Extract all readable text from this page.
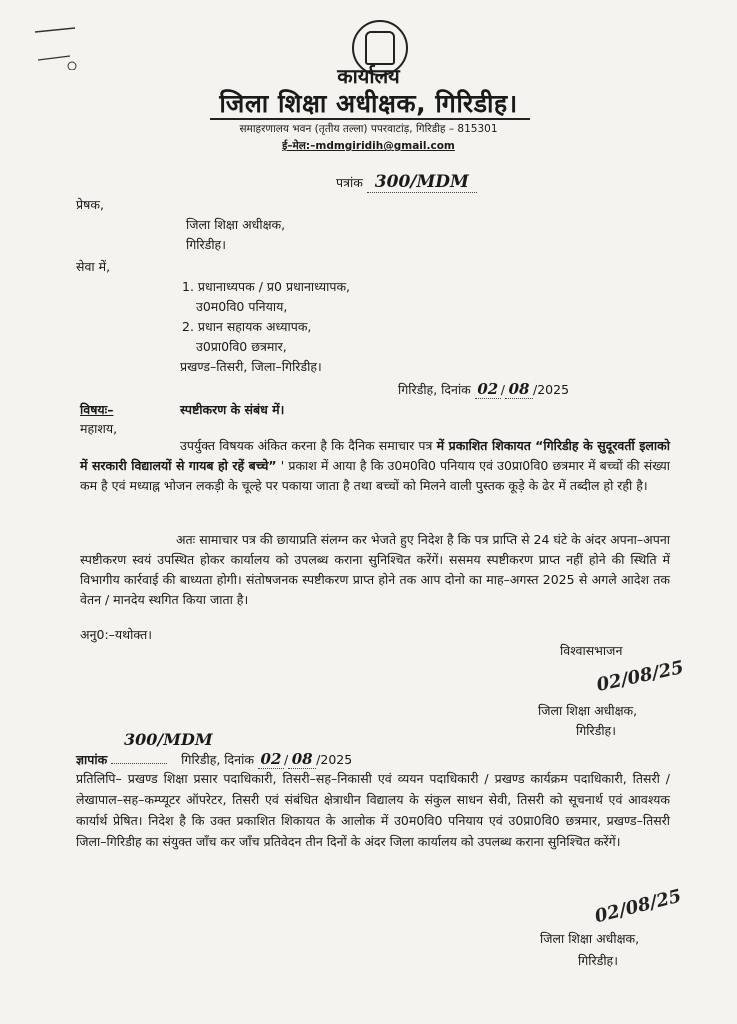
कार्यालय
जिला शिक्षा अधीक्षक, गिरिडीह।
समाहरणालय भवन (तृतीय तल्ला) पपरवाटांड़, गिरिडीह – 815301
ई–मेल:–mdmgiridih@gmail.com
पत्रांक 300/MDM
प्रेषक,
जिला शिक्षा अधीक्षक,
गिरिडीह।
सेवा में,
1. प्रधानाध्यपक / प्र0 प्रधानाध्यापक,
उ0म0वि0 पनियाय,
2. प्रधान सहायक अध्यापक,
उ0प्रा0वि0 छत्रमार,
प्रखण्ड–तिसरी, जिला–गिरिडीह।
गिरिडीह, दिनांक 02 / 08 /2025
विषयः–	स्पष्टीकरण के संबंध में।
महाशय,
उपर्युक्त विषयक अंकित करना है कि दैनिक समाचार पत्र में प्रकाशित शिकायत “गिरिडीह के सुदूरवर्ती इलाको में सरकारी विद्यालयों से गायब हो रहें बच्चे” ' प्रकाश में आया है कि उ0म0वि0 पनियाय एवं उ0प्रा0वि0 छत्रमार में बच्चों की संख्या कम है एवं मध्याह्न भोजन लकड़ी के चूल्हे पर पकाया जाता है तथा बच्चों को मिलने वाली पुस्तक कूड़े के ढेर में तब्दील हो रही है।
अतः सामाचार पत्र की छायाप्रति संलग्न कर भेजते हुए निदेश है कि पत्र प्राप्ति से 24 घंटे के अंदर अपना–अपना स्पष्टीकरण स्वयं उपस्थित होकर कार्यालय को उपलब्ध कराना सुनिश्चित करेंगें। ससमय स्पष्टीकरण प्राप्त नहीं होने की स्थिति में विभागीय कार्रवाई की बाध्यता होगी। संतोषजनक स्पष्टीकरण प्राप्त होने तक आप दोनो का माह–अगस्त 2025 से अगले आदेश तक वेतन / मानदेय स्थगित किया जाता है।
अनु0:–यथोक्त।
विश्वासभाजन
02/08/25
जिला शिक्षा अधीक्षक,
गिरिडीह।
300/MDM
ज्ञापांक	गिरिडीह, दिनांक 02 / 08 /2025
प्रतिलिपि– प्रखण्ड शिक्षा प्रसार पदाधिकारी, तिसरी–सह–निकासी एवं व्ययन पदाधिकारी / प्रखण्ड कार्यक्रम पदाधिकारी, तिसरी / लेखापाल–सह–कम्प्यूटर ऑपरेटर, तिसरी एवं संबंधित क्षेत्राधीन विद्यालय के संकुल साधन सेवी, तिसरी को सूचनार्थ एवं आवश्यक कार्यार्थ प्रेषित। निदेश है कि उक्त प्रकाशित शिकायत के आलोक में उ0म0वि0 पनियाय एवं उ0प्रा0वि0 छत्रमार, प्रखण्ड–तिसरी जिला–गिरिडीह का संयुक्त जाँच कर जाँच प्रतिवेदन तीन दिनों के अंदर जिला कार्यालय को उपलब्ध कराना सुनिश्चित करेंगें।
02/08/25
जिला शिक्षा अधीक्षक,
गिरिडीह।
